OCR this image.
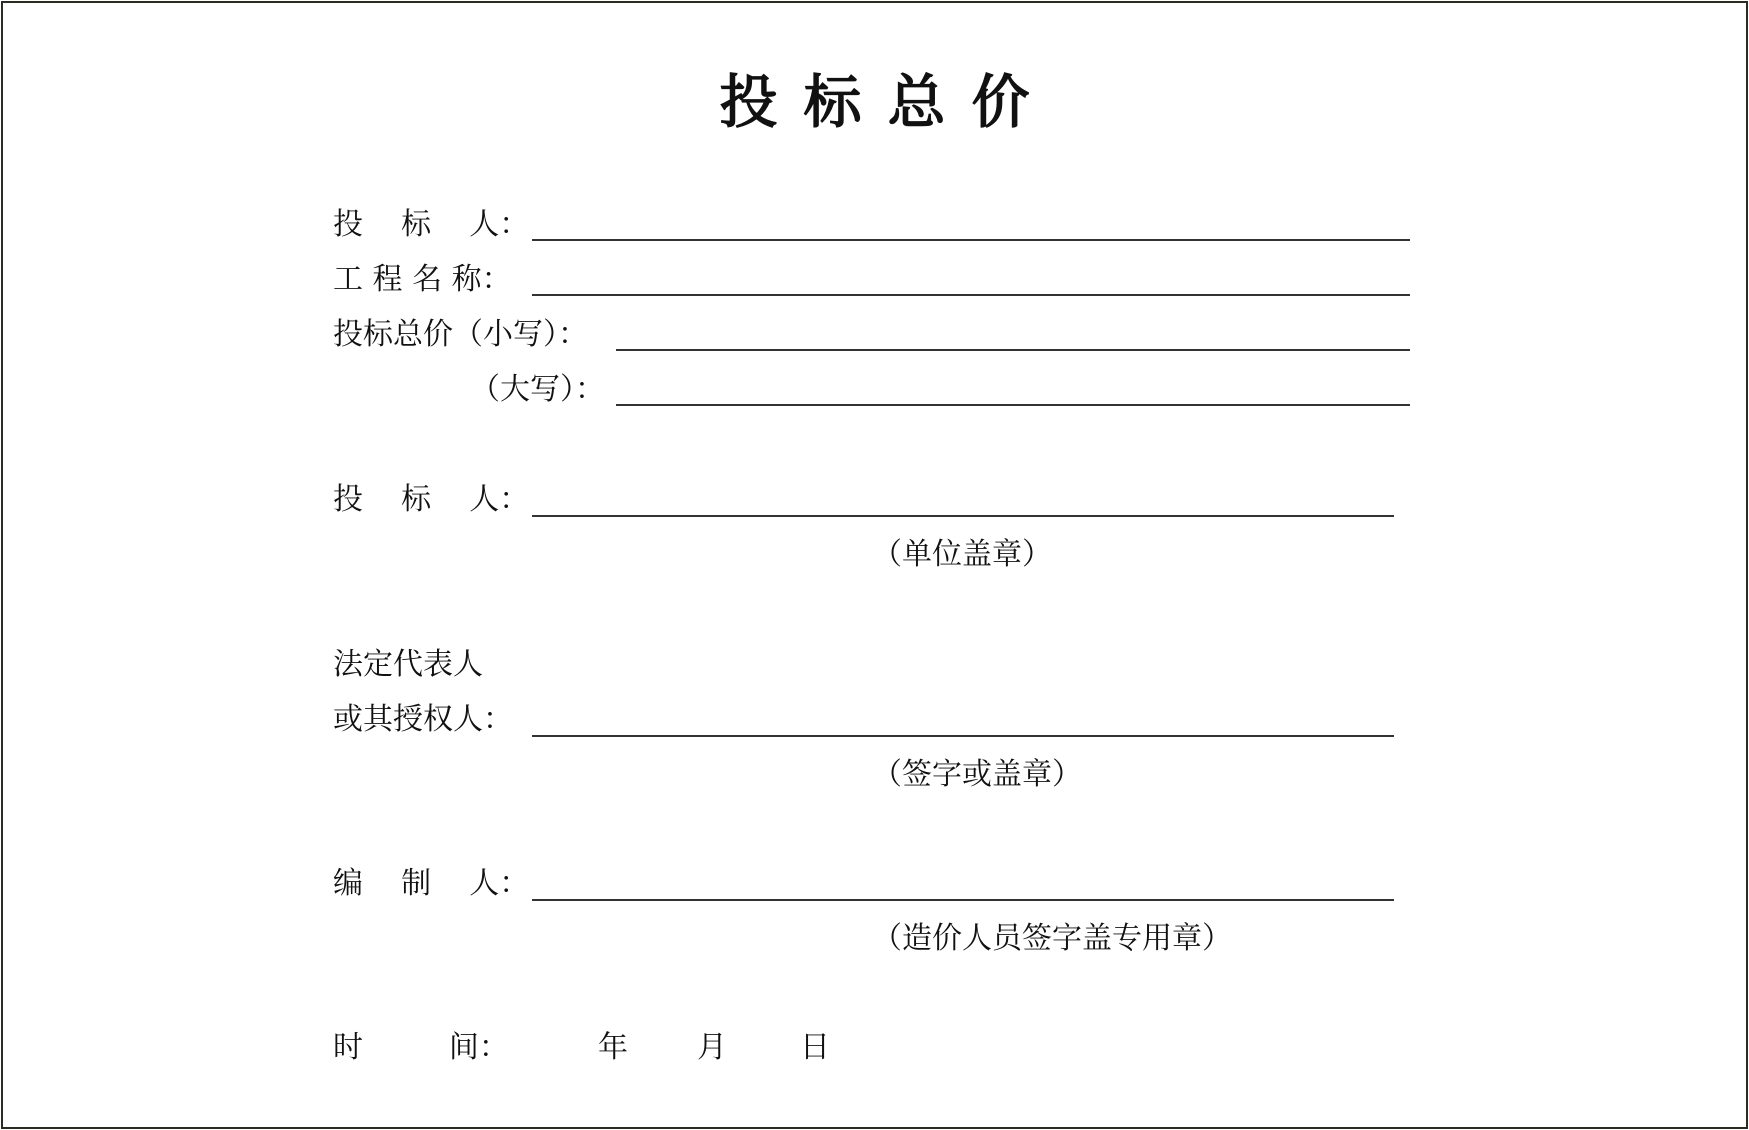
投标总价
投    标    人：
工 程 名 称：
投标总价（小写）：
（大写）：
投    标    人：
（单位盖章）
法定代表人
或其授权人：
（签字或盖章）
编    制    人：
（造价人员签字盖专用章）
时         间：	年 月 日
